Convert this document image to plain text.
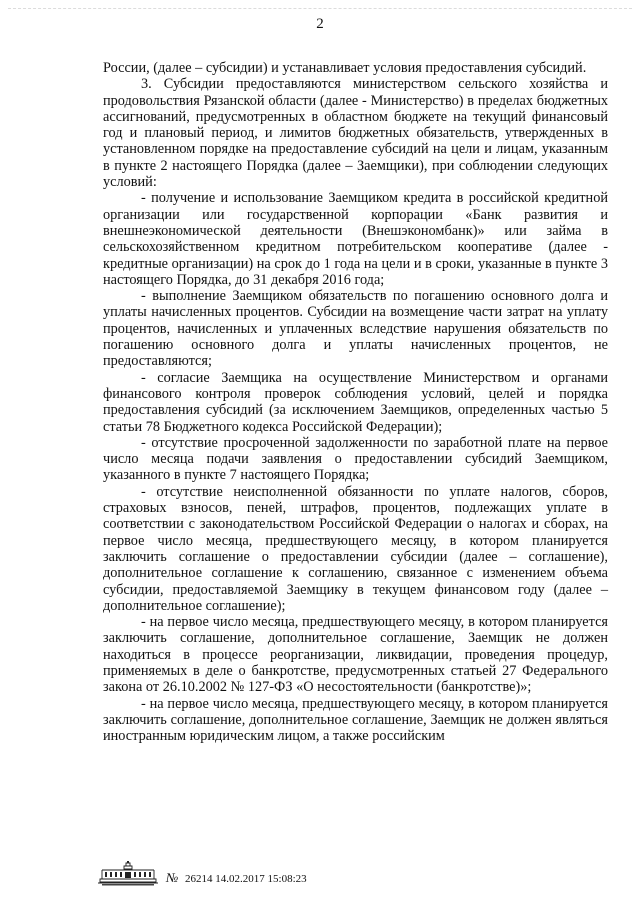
2

России, (далее – субсидии) и устанавливает условия предоставления субсидий.

3. Субсидии предоставляются министерством сельского хозяйства и продовольствия Рязанской области (далее - Министерство) в пределах бюджетных ассигнований, предусмотренных в областном бюджете на текущий финансовый год и плановый период, и лимитов бюджетных обязательств, утвержденных в установленном порядке на предоставление субсидий на цели и лицам, указанным в пункте 2 настоящего Порядка (далее – Заемщики), при соблюдении следующих условий:

- получение и использование Заемщиком кредита в российской кредитной организации или государственной корпорации «Банк развития и внешнеэкономической деятельности (Внешэкономбанк)» или займа в сельскохозяйственном кредитном потребительском кооперативе (далее - кредитные организации) на срок до 1 года на цели и в сроки, указанные в пункте 3 настоящего Порядка, до 31 декабря 2016 года;

- выполнение Заемщиком обязательств по погашению основного долга и уплаты начисленных процентов. Субсидии на возмещение части затрат на уплату процентов, начисленных и уплаченных вследствие нарушения обязательств по погашению основного долга и уплаты начисленных процентов, не предоставляются;

- согласие Заемщика на осуществление Министерством и органами финансового контроля проверок соблюдения условий, целей и порядка предоставления субсидий (за исключением Заемщиков, определенных частью 5 статьи 78 Бюджетного кодекса Российской Федерации);

- отсутствие просроченной задолженности по заработной плате на первое число месяца подачи заявления о предоставлении субсидий Заемщиком, указанного в пункте 7 настоящего Порядка;

- отсутствие неисполненной обязанности по уплате налогов, сборов, страховых взносов, пеней, штрафов, процентов, подлежащих уплате в соответствии с законодательством Российской Федерации о налогах и сборах, на первое число месяца, предшествующего месяцу, в котором планируется заключить соглашение о предоставлении субсидии (далее – соглашение), дополнительное соглашение к соглашению, связанное с изменением объема субсидии, предоставляемой Заемщику в текущем финансовом году (далее – дополнительное соглашение);

- на первое число месяца, предшествующего месяцу, в котором планируется заключить соглашение, дополнительное соглашение, Заемщик не должен находиться в процессе реорганизации, ликвидации, проведения процедур, применяемых в деле о банкротстве, предусмотренных статьей 27 Федерального закона от 26.10.2002 № 127-ФЗ «О несостоятельности (банкротстве)»;

- на первое число месяца, предшествующего месяцу, в котором планируется заключить соглашение, дополнительное соглашение, Заемщик не должен являться иностранным юридическим лицом, а также российским

№ 26214 14.02.2017 15:08:23
